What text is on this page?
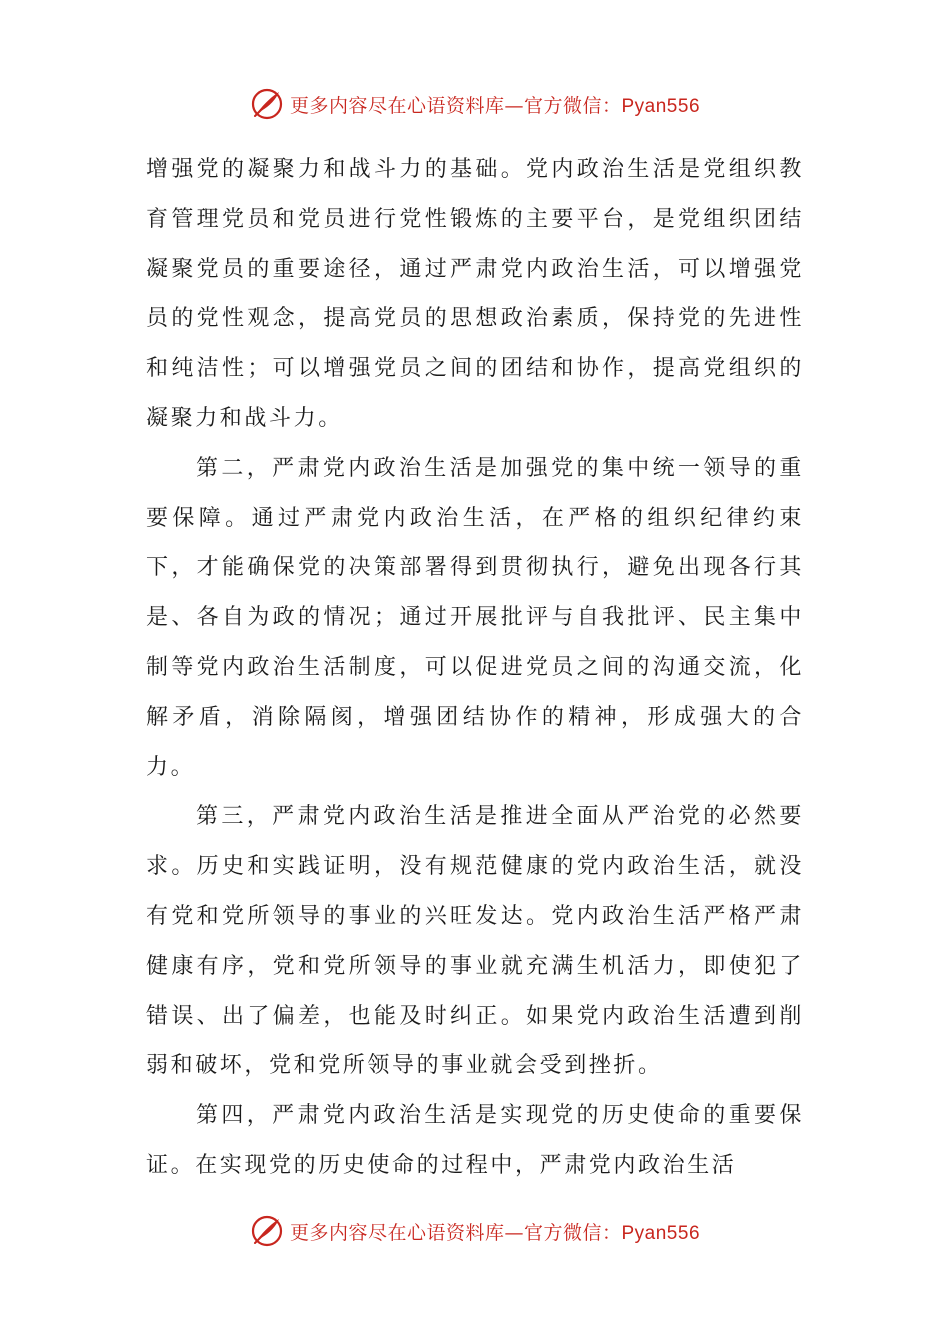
更多内容尽在心语资料库—官方微信：Pyan556

增强党的凝聚力和战斗力的基础。党内政治生活是党组织教育管理党员和党员进行党性锻炼的主要平台，是党组织团结凝聚党员的重要途径，通过严肃党内政治生活，可以增强党员的党性观念，提高党员的思想政治素质，保持党的先进性和纯洁性；可以增强党员之间的团结和协作，提高党组织的凝聚力和战斗力。

第二，严肃党内政治生活是加强党的集中统一领导的重要保障。通过严肃党内政治生活，在严格的组织纪律约束下，才能确保党的决策部署得到贯彻执行，避免出现各行其是、各自为政的情况；通过开展批评与自我批评、民主集中制等党内政治生活制度，可以促进党员之间的沟通交流，化解矛盾，消除隔阂，增强团结协作的精神，形成强大的合力。

第三，严肃党内政治生活是推进全面从严治党的必然要求。历史和实践证明，没有规范健康的党内政治生活，就没有党和党所领导的事业的兴旺发达。党内政治生活严格严肃健康有序，党和党所领导的事业就充满生机活力，即使犯了错误、出了偏差，也能及时纠正。如果党内政治生活遭到削弱和破坏，党和党所领导的事业就会受到挫折。

第四，严肃党内政治生活是实现党的历史使命的重要保证。在实现党的历史使命的过程中，严肃党内政治生活

更多内容尽在心语资料库—官方微信：Pyan556
